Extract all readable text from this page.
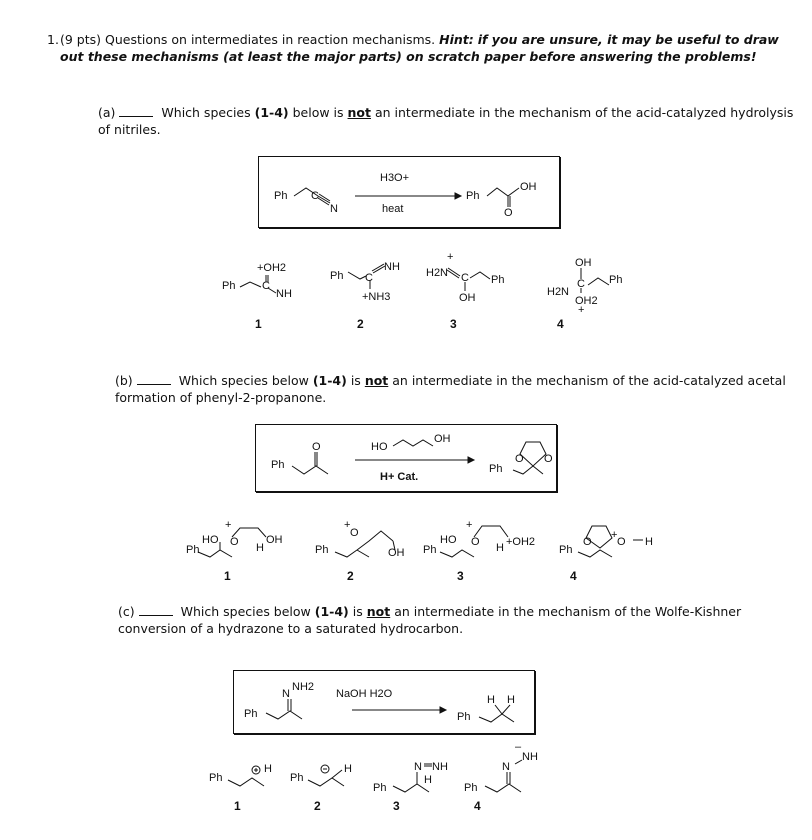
1. (9 pts) Questions on intermediates in reaction mechanisms. Hint: if you are unsure, it may be useful to draw out these mechanisms (at least the major parts) on scratch paper before answering the problems!
(a)	Which species (1-4) below is not an intermediate in the mechanism of the acid-catalyzed hydrolysis of nitriles.
Ph C
N
H3O+
heat
Ph
OH
O
Ph
+OH2
C
NH
1
Ph C
NH
+NH3
2
H2N
+
C Ph
OH
3
OH
H2N
C Ph
OH2
+
4
(b)	Which species below (1-4) is not an intermediate in the mechanism of the acid-catalyzed acetal formation of phenyl-2-propanone.
Ph
O	HO
OH
H+ Cat.
Ph
O O
Ph
HO
+
O H
OH
1
Ph
+
O
OH
2
Ph
HO
+
O H +OH2
3
Ph
O
+
O H
4
(c)	Which species below (1-4) is not an intermediate in the mechanism of the Wolfe-Kishner conversion of a hydrazone to a saturated hydrocarbon.
Ph
N
NH2
NaOH H2O
Ph
H H
Ph
H
1
Ph
H
2
Ph
N NH
H
3
Ph
N
NH
–
4
